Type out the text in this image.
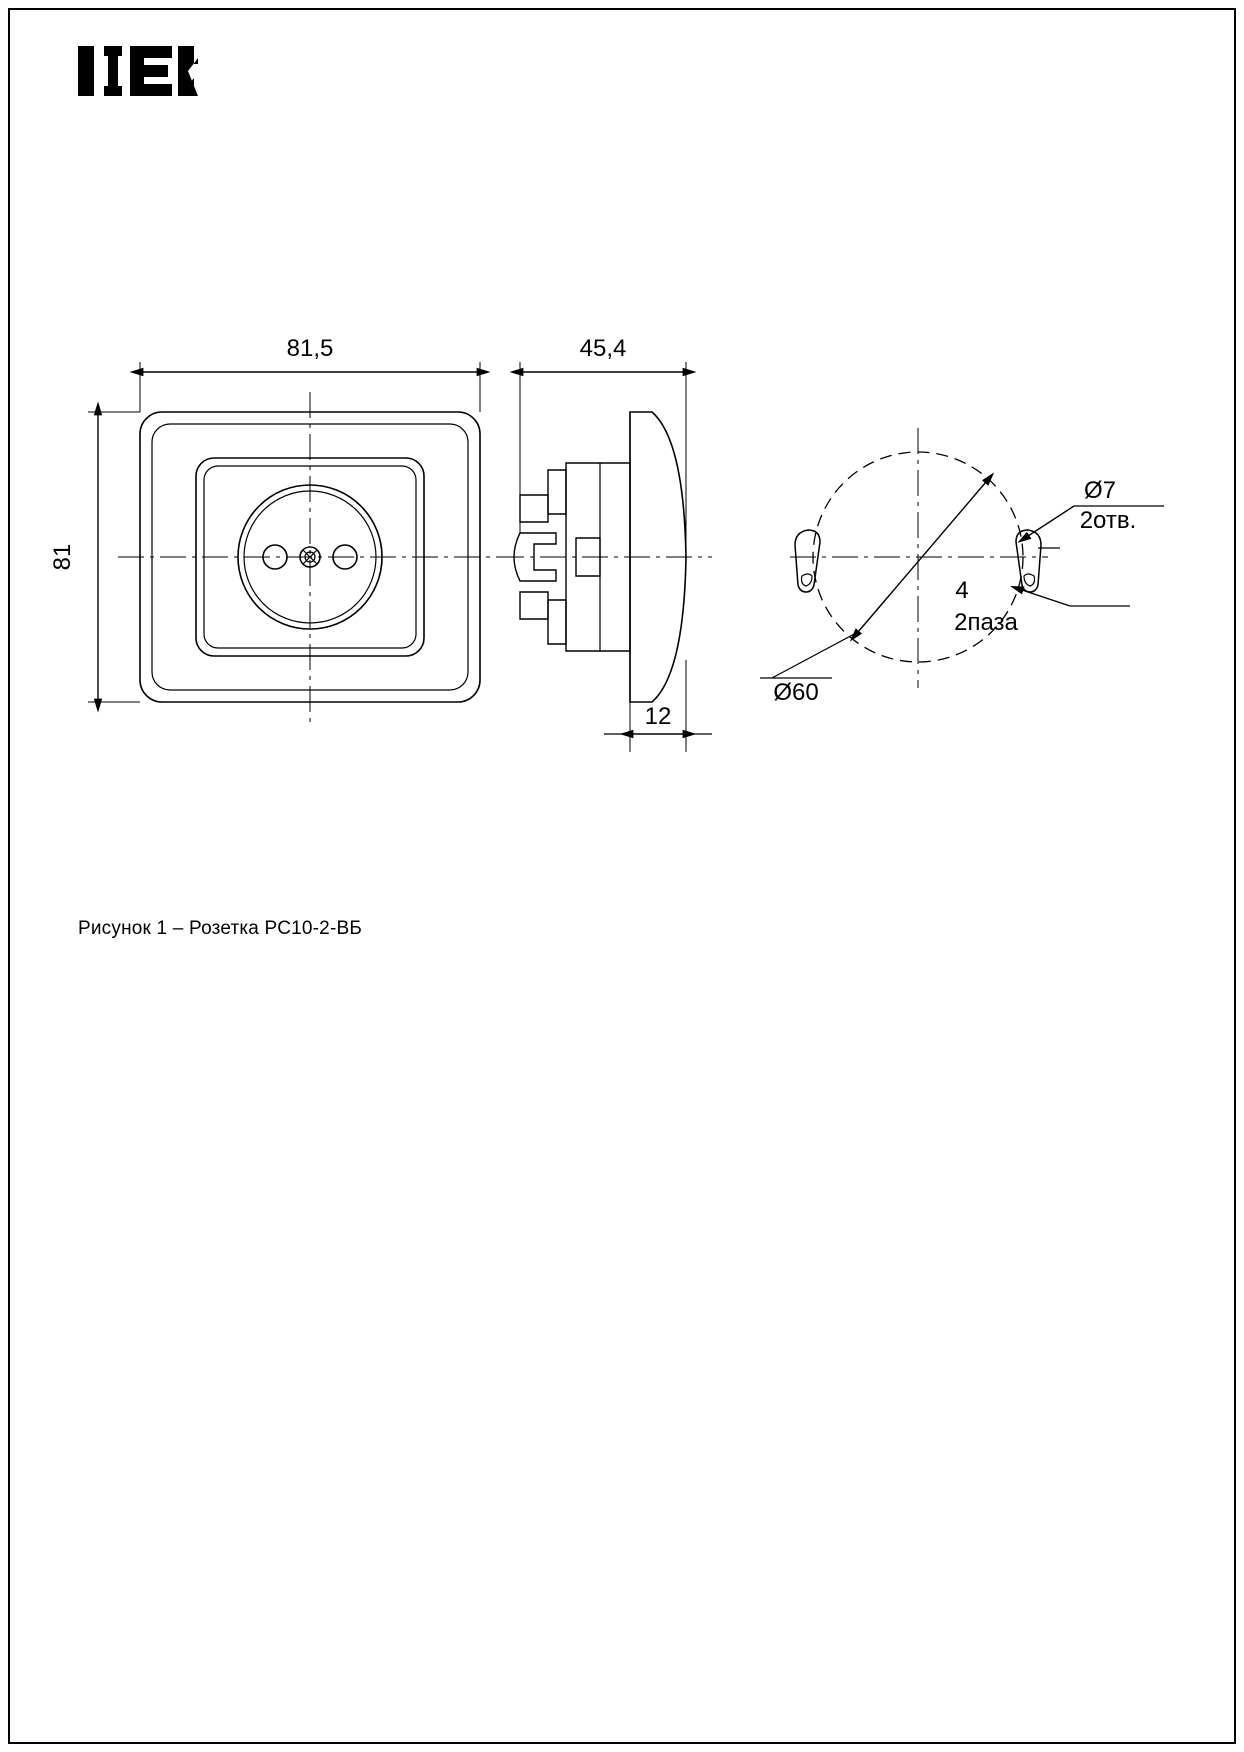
81,5
81
45,4
12
Ø7
2отв.
4
2паза
Ø60
Рисунок 1 – Розетка РС10-2-ВБ
